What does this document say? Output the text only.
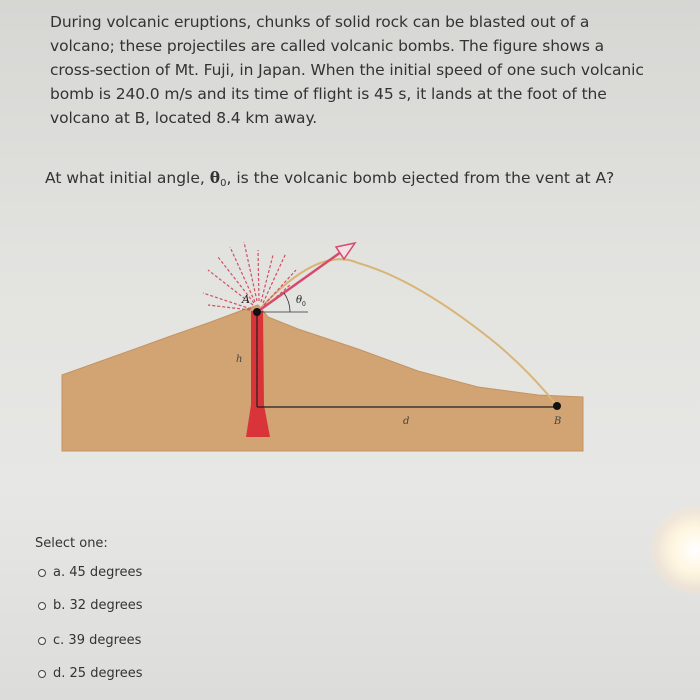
During volcanic eruptions, chunks of solid rock can be blasted out of a
volcano; these projectiles are called volcanic bombs. The figure shows a
cross-section of Mt. Fuji, in Japan. When the initial speed of one such volcanic
bomb is 240.0 m/s and its time of flight is 45 s, it lands at the foot of the
volcano at B, located 8.4 km away.
At what initial angle, $\theta_0$, is the volcanic bomb ejected from the vent at A?
A
h
d	B
θ 0
Select one:
a.
45 degrees
b.
32 degrees
c.
39 degrees
d.
25 degrees
